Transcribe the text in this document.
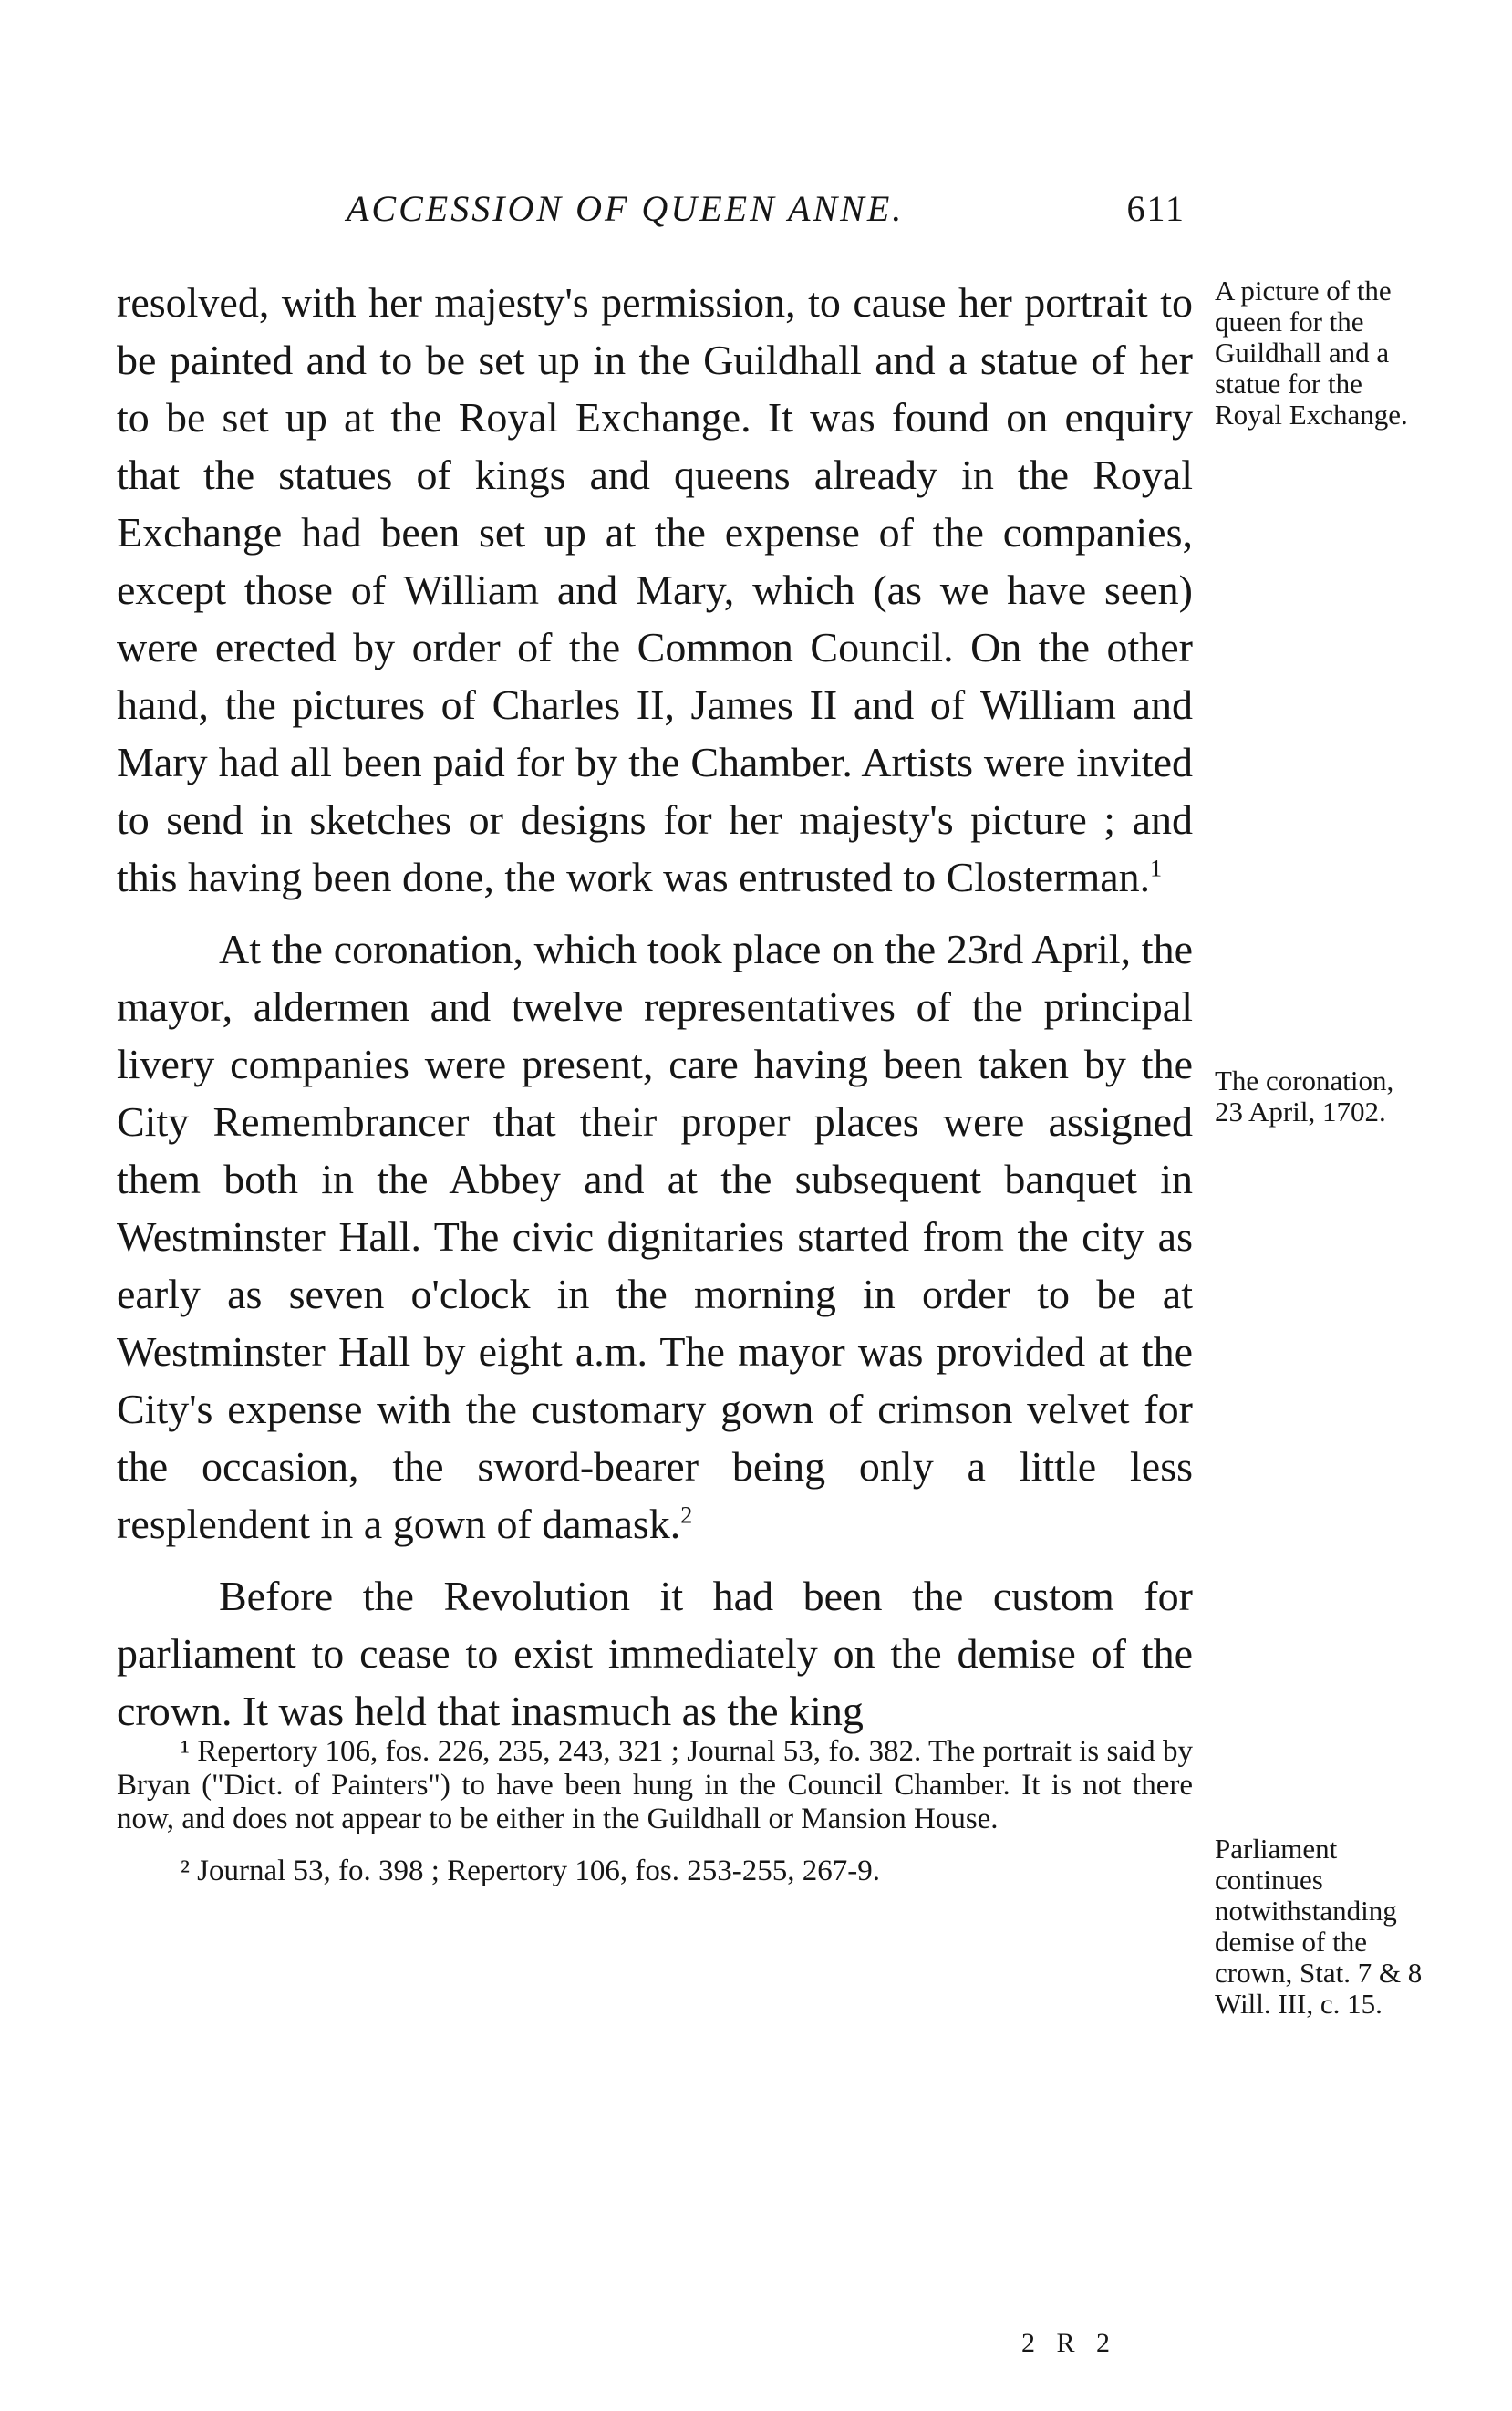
ACCESSION OF QUEEN ANNE.	611

resolved, with her majesty's permission, to cause her portrait to be painted and to be set up in the Guildhall and a statue of her to be set up at the Royal Exchange. It was found on enquiry that the statues of kings and queens already in the Royal Exchange had been set up at the expense of the companies, except those of William and Mary, which (as we have seen) were erected by order of the Common Council. On the other hand, the pictures of Charles II, James II and of William and Mary had all been paid for by the Chamber. Artists were invited to send in sketches or designs for her majesty's picture ; and this having been done, the work was entrusted to Closterman.$^1$

At the coronation, which took place on the 23rd April, the mayor, aldermen and twelve representatives of the principal livery companies were present, care having been taken by the City Remembrancer that their proper places were assigned them both in the Abbey and at the subsequent banquet in Westminster Hall. The civic dignitaries started from the city as early as seven o'clock in the morning in order to be at Westminster Hall by eight a.m. The mayor was provided at the City's expense with the customary gown of crimson velvet for the occasion, the sword-bearer being only a little less resplendent in a gown of damask.$^2$

Before the Revolution it had been the custom for parliament to cease to exist immediately on the demise of the crown. It was held that inasmuch as the king

A picture of the queen for the Guildhall and a statue for the Royal Exchange.

The coronation, 23 April, 1702.

Parliament continues notwithstanding demise of the crown, Stat. 7 & 8 Will. III, c. 15.

¹ Repertory 106, fos. 226, 235, 243, 321 ; Journal 53, fo. 382. The portrait is said by Bryan ("Dict. of Painters") to have been hung in the Council Chamber. It is not there now, and does not appear to be either in the Guildhall or Mansion House.

² Journal 53, fo. 398 ; Repertory 106, fos. 253-255, 267-9.

2 R 2
